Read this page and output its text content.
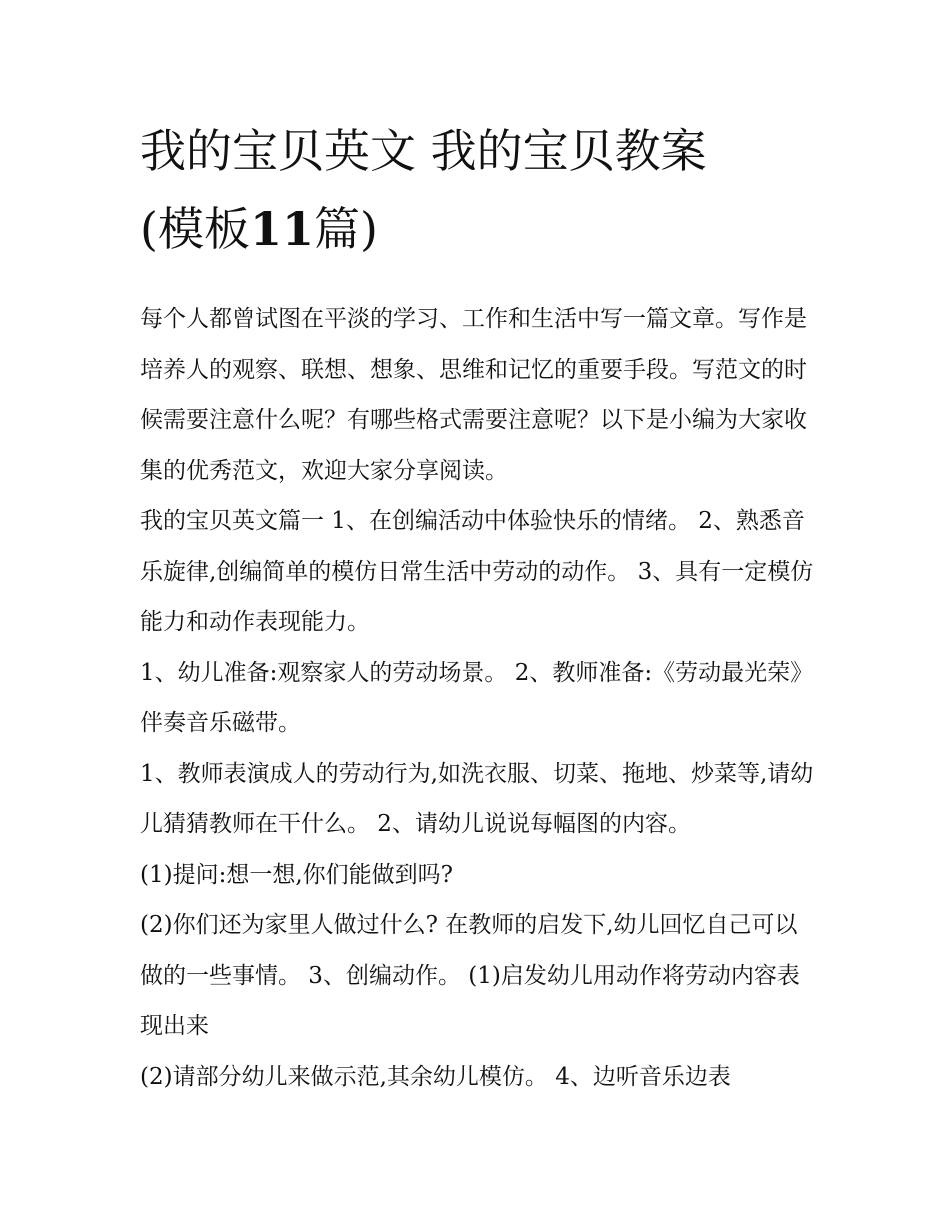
我的宝贝英文 我的宝贝教案
(模板11篇)

每个人都曾试图在平淡的学习、工作和生活中写一篇文章。写作是培养人的观察、联想、想象、思维和记忆的重要手段。写范文的时候需要注意什么呢？有哪些格式需要注意呢？以下是小编为大家收集的优秀范文，欢迎大家分享阅读。

我的宝贝英文篇一 1、在创编活动中体验快乐的情绪。 2、熟悉音乐旋律,创编简单的模仿日常生活中劳动的动作。 3、具有一定模仿能力和动作表现能力。

1、幼儿准备:观察家人的劳动场景。 2、教师准备:《劳动最光荣》伴奏音乐磁带。

1、教师表演成人的劳动行为,如洗衣服、切菜、拖地、炒菜等,请幼儿猜猜教师在干什么。 2、请幼儿说说每幅图的内容。

(1)提问:想一想,你们能做到吗?

(2)你们还为家里人做过什么? 在教师的启发下,幼儿回忆自己可以做的一些事情。 3、创编动作。 (1)启发幼儿用动作将劳动内容表现出来

(2)请部分幼儿来做示范,其余幼儿模仿。 4、边听音乐边表
